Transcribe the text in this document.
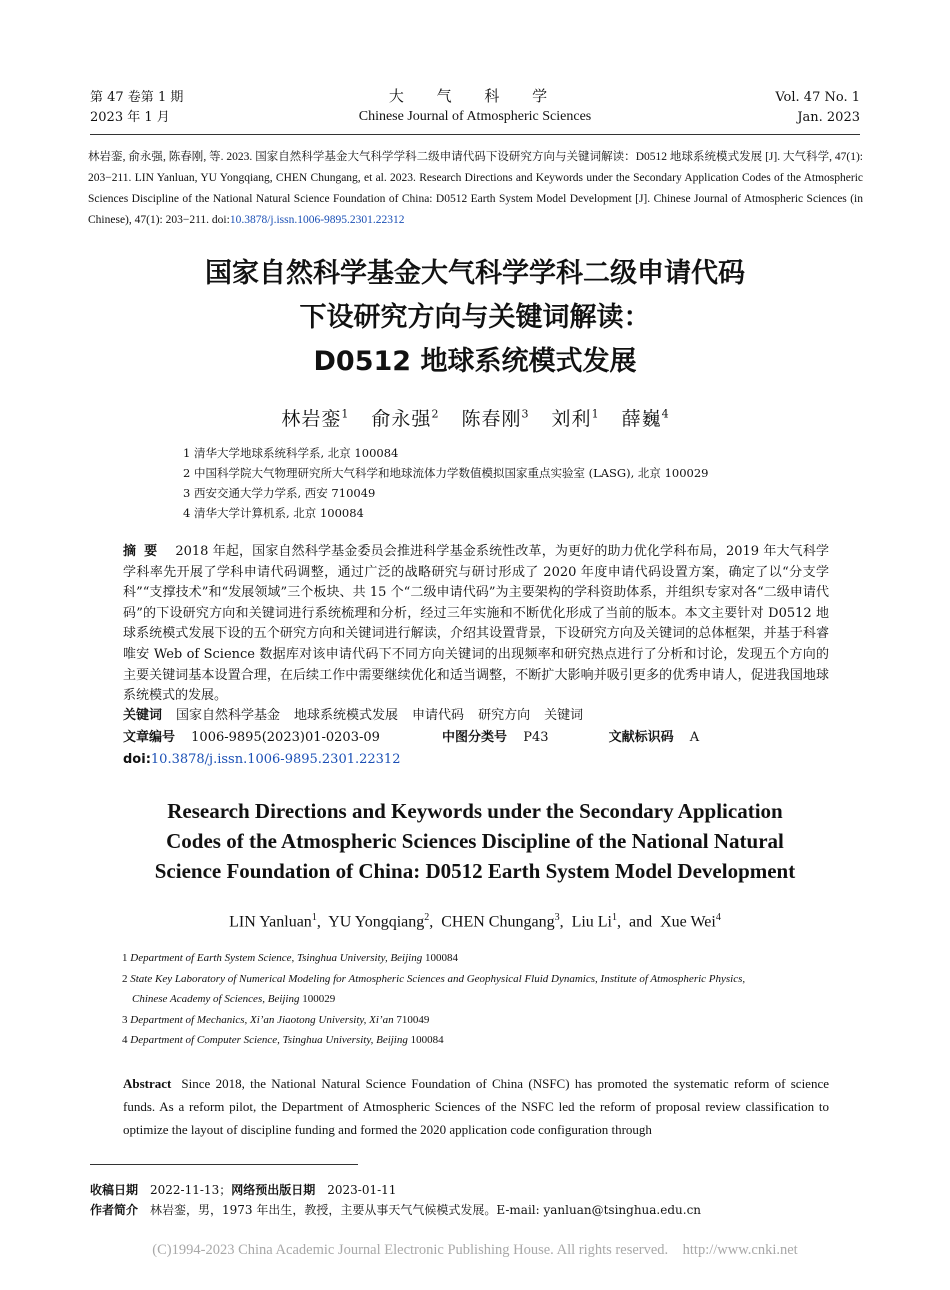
第 47 卷第 1 期
2023 年 1 月
大 气 科 学
Chinese Journal of Atmospheric Sciences
Vol. 47 No. 1
Jan. 2023
林岩銮, 俞永强, 陈春刚, 等. 2023. 国家自然科学基金大气科学学科二级申请代码下设研究方向与关键词解读：D0512 地球系统模式发展 [J]. 大气科学, 47(1): 203−211. LIN Yanluan, YU Yongqiang, CHEN Chungang, et al. 2023. Research Directions and Keywords under the Secondary Application Codes of the Atmospheric Sciences Discipline of the National Natural Science Foundation of China: D0512 Earth System Model Development [J]. Chinese Journal of Atmospheric Sciences (in Chinese), 47(1): 203−211. doi:10.3878/j.issn.1006-9895.2301.22312
国家自然科学基金大气科学学科二级申请代码
下设研究方向与关键词解读：
D0512 地球系统模式发展
林岩銮$^1$ 俞永强$^2$ 陈春刚$^3$ 刘利$^1$ 薛巍$^4$
1 清华大学地球系统科学系, 北京 100084
2 中国科学院大气物理研究所大气科学和地球流体力学数值模拟国家重点实验室 (LASG), 北京 100029
3 西安交通大学力学系, 西安 710049
4 清华大学计算机系, 北京 100084
摘要 2018 年起，国家自然科学基金委员会推进科学基金系统性改革，为更好的助力优化学科布局，2019 年大气科学学科率先开展了学科申请代码调整，通过广泛的战略研究与研讨形成了 2020 年度申请代码设置方案，确定了以“分支学科”“支撑技术”和“发展领域”三个板块、共 15 个“二级申请代码”为主要架构的学科资助体系，并组织专家对各“二级申请代码”的下设研究方向和关键词进行系统梳理和分析，经过三年实施和不断优化形成了当前的版本。本文主要针对 D0512 地球系统模式发展下设的五个研究方向和关键词进行解读，介绍其设置背景，下设研究方向及关键词的总体框架，并基于科睿唯安 Web of Science 数据库对该申请代码下不同方向关键词的出现频率和研究热点进行了分析和讨论，发现五个方向的主要关键词基本设置合理，在后续工作中需要继续优化和适当调整，不断扩大影响并吸引更多的优秀申请人，促进我国地球系统模式的发展。
关键词 国家自然科学基金 地球系统模式发展 申请代码 研究方向 关键词
文章编号 1006-9895(2023)01-0203-09	中图分类号 P43	文献标识码 A
doi:10.3878/j.issn.1006-9895.2301.22312
Research Directions and Keywords under the Secondary Application
Codes of the Atmospheric Sciences Discipline of the National Natural
Science Foundation of China: D0512 Earth System Model Development
LIN Yanluan$^1$,  YU Yongqiang$^2$,  CHEN Chungang$^3$,  Liu Li$^1$,  and  Xue Wei$^4$
1 Department of Earth System Science, Tsinghua University, Beijing 100084
2 State Key Laboratory of Numerical Modeling for Atmospheric Sciences and Geophysical Fluid Dynamics, Institute of Atmospheric Physics,
Chinese Academy of Sciences, Beijing 100029
3 Department of Mechanics, Xi’an Jiaotong University, Xi’an 710049
4 Department of Computer Science, Tsinghua University, Beijing 100084
Abstract Since 2018, the National Natural Science Foundation of China (NSFC) has promoted the systematic reform of science funds. As a reform pilot, the Department of Atmospheric Sciences of the NSFC led the reform of proposal review classification to optimize the layout of discipline funding and formed the 2020 application code configuration through
收稿日期 2022-11-13；网络预出版日期 2023-01-11
作者简介 林岩銮，男，1973 年出生，教授，主要从事天气气候模式发展。E-mail: yanluan@tsinghua.edu.cn
(C)1994-2023 China Academic Journal Electronic Publishing House. All rights reserved.    http://www.cnki.net
